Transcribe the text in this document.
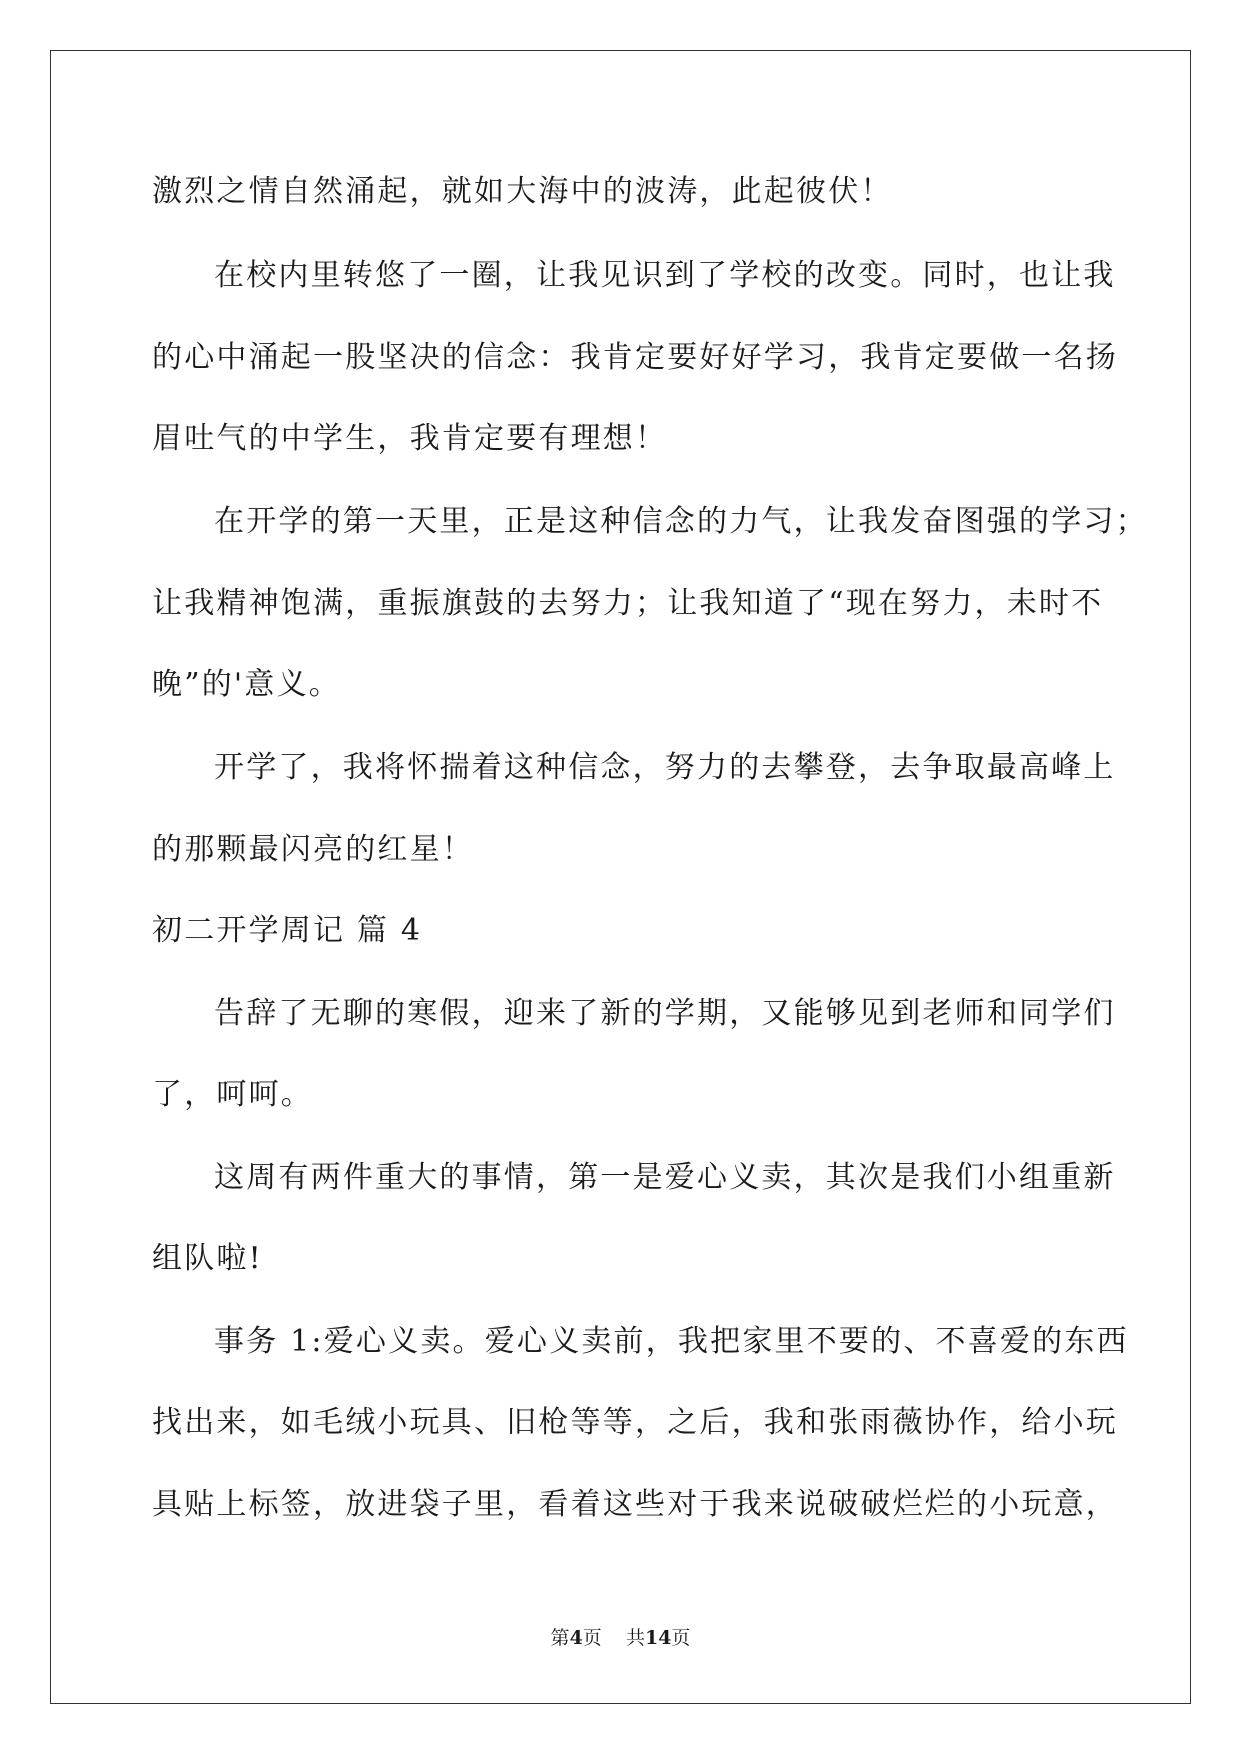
激烈之情自然涌起，就如大海中的波涛，此起彼伏！
在校内里转悠了一圈，让我见识到了学校的改变。同时，也让我
的心中涌起一股坚决的信念：我肯定要好好学习，我肯定要做一名扬
眉吐气的中学生，我肯定要有理想！
在开学的第一天里，正是这种信念的力气，让我发奋图强的学习；
让我精神饱满，重振旗鼓的去努力；让我知道了“现在努力，未时不
晚”的'意义。
开学了，我将怀揣着这种信念，努力的去攀登，去争取最高峰上
的那颗最闪亮的红星！
初二开学周记 篇 4
告辞了无聊的寒假，迎来了新的学期，又能够见到老师和同学们
了，呵呵。
这周有两件重大的事情，第一是爱心义卖，其次是我们小组重新
组队啦!
事务 1:爱心义卖。爱心义卖前，我把家里不要的、不喜爱的东西
找出来，如毛绒小玩具、旧枪等等，之后，我和张雨薇协作，给小玩
具贴上标签，放进袋子里，看着这些对于我来说破破烂烂的小玩意，
第4页    共14页
